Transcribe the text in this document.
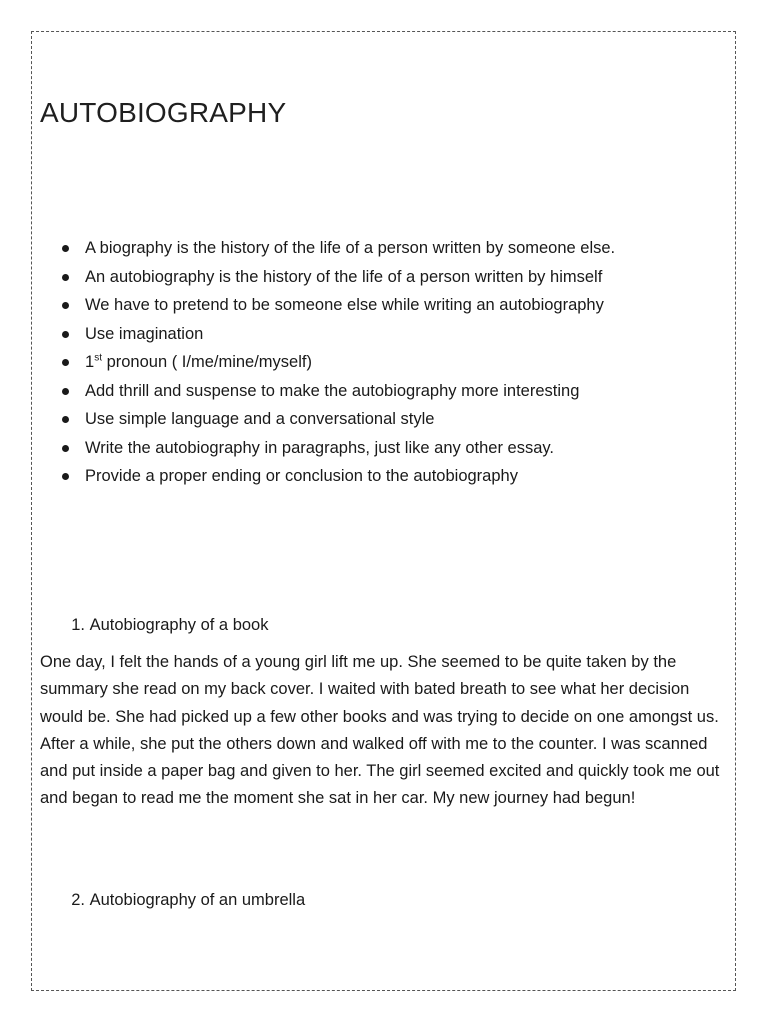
AUTOBIOGRAPHY
A biography is the history of the life of a person written by someone else.
An autobiography is the history of the life of a person written by himself
We have to pretend to be someone else while writing an autobiography
Use imagination
1st pronoun ( I/me/mine/myself)
Add thrill and suspense to make the autobiography more interesting
Use simple language and a conversational style
Write the autobiography in paragraphs, just like any other essay.
Provide a proper ending or conclusion to the autobiography
1. Autobiography of a book

One day, I felt the hands of a young girl lift me up. She seemed to be quite taken by the summary she read on my back cover. I waited with bated breath to see what her decision would be. She had picked up a few other books and was trying to decide on one amongst us. After a while, she put the others down and walked off with me to the counter. I was scanned and put inside a paper bag and given to her. The girl seemed excited and quickly took me out and began to read me the moment she sat in her car. My new journey had begun!

2. Autobiography of an umbrella
